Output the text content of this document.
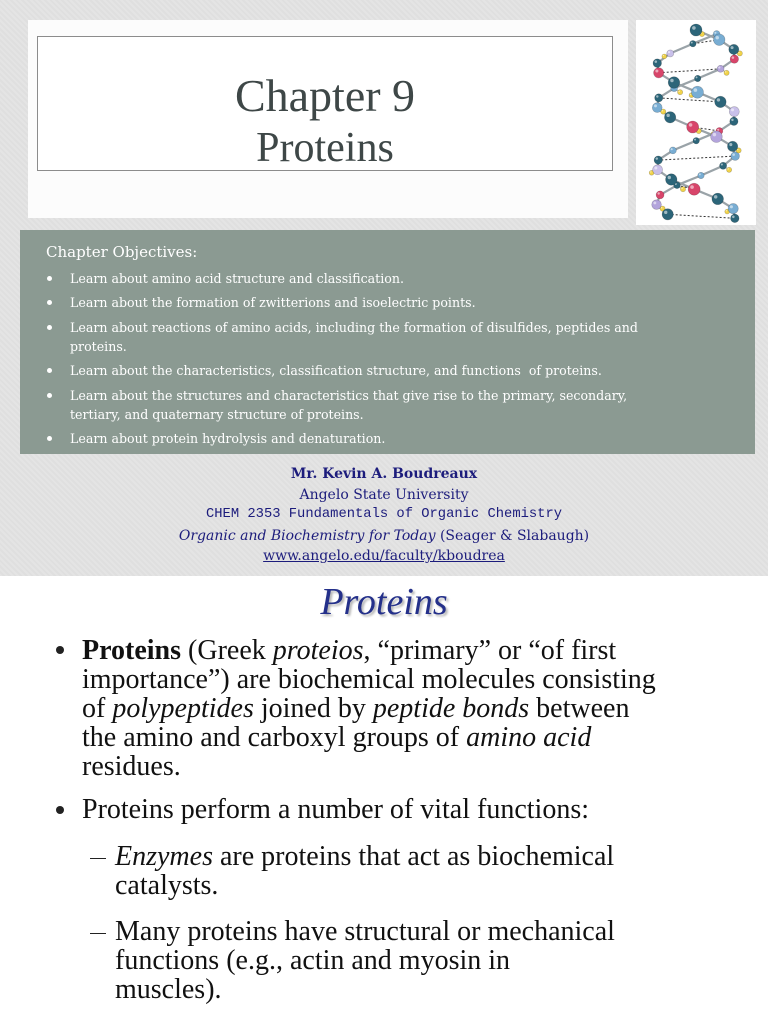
Chapter 9
Proteins
Chapter Objectives:
Learn about amino acid structure and classification.
Learn about the formation of zwitterions and isoelectric points.
Learn about reactions of amino acids, including the formation of disulfides, peptides and
proteins.
Learn about the characteristics, classification structure, and functions  of proteins.
Learn about the structures and characteristics that give rise to the primary, secondary,
tertiary, and quaternary structure of proteins.
Learn about protein hydrolysis and denaturation.
Mr. Kevin A. Boudreaux
Angelo State University
CHEM 2353 Fundamentals of Organic Chemistry
Organic and Biochemistry for Today (Seager & Slabaugh)
www.angelo.edu/faculty/kboudrea
Proteins
Proteins (Greek proteios, “primary” or “of first
importance”) are biochemical molecules consisting
of polypeptides joined by peptide bonds between
the amino and carboxyl groups of amino acid
residues.
Proteins perform a number of vital functions:
Enzymes are proteins that act as biochemical
catalysts.
Many proteins have structural or mechanical
functions (e.g., actin and myosin in
muscles).
